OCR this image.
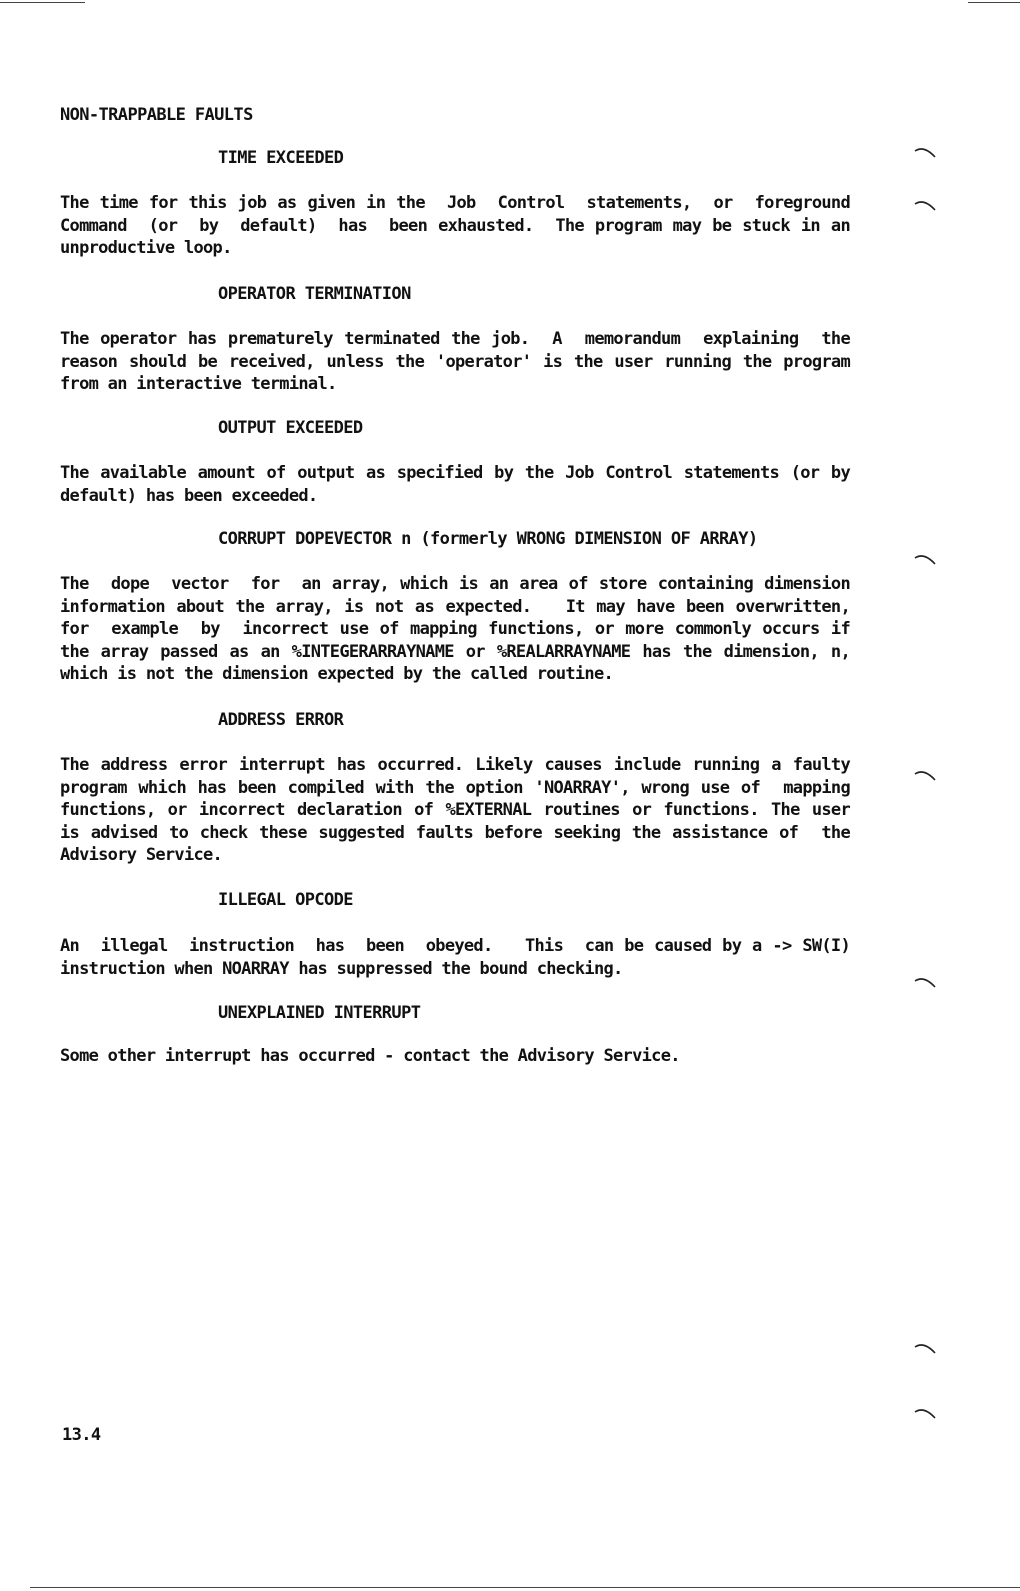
NON-TRAPPABLE FAULTS
TIME EXCEEDED
The time for this job as given in the  Job  Control  statements,  or  foreground
Command  (or  by  default)  has  been exhausted.  The program may be stuck in an
unproductive loop.
OPERATOR TERMINATION
The operator has prematurely terminated the job.  A  memorandum  explaining  the
reason should be received, unless the 'operator' is the user running the program
from an interactive terminal.
OUTPUT EXCEEDED
The available amount of output as specified by the Job Control statements (or by
default) has been exceeded.
CORRUPT DOPEVECTOR n (formerly WRONG DIMENSION OF ARRAY)
The  dope  vector  for  an array, which is an area of store containing dimension
information about the array, is not as expected.   It may have been overwritten,
for  example  by  incorrect use of mapping functions, or more commonly occurs if
the array passed as an %INTEGERARRAYNAME or %REALARRAYNAME has the dimension, n,
which is not the dimension expected by the called routine.
ADDRESS ERROR
The address error interrupt has occurred. Likely causes include running a faulty
program which has been compiled with the option 'NOARRAY', wrong use of  mapping
functions, or incorrect declaration of %EXTERNAL routines or functions. The user
is advised to check these suggested faults before seeking the assistance of  the
Advisory Service.
ILLEGAL OPCODE
An  illegal  instruction  has  been  obeyed.   This  can be caused by a -> SW(I)
instruction when NOARRAY has suppressed the bound checking.
UNEXPLAINED INTERRUPT
Some other interrupt has occurred - contact the Advisory Service.
13.4
